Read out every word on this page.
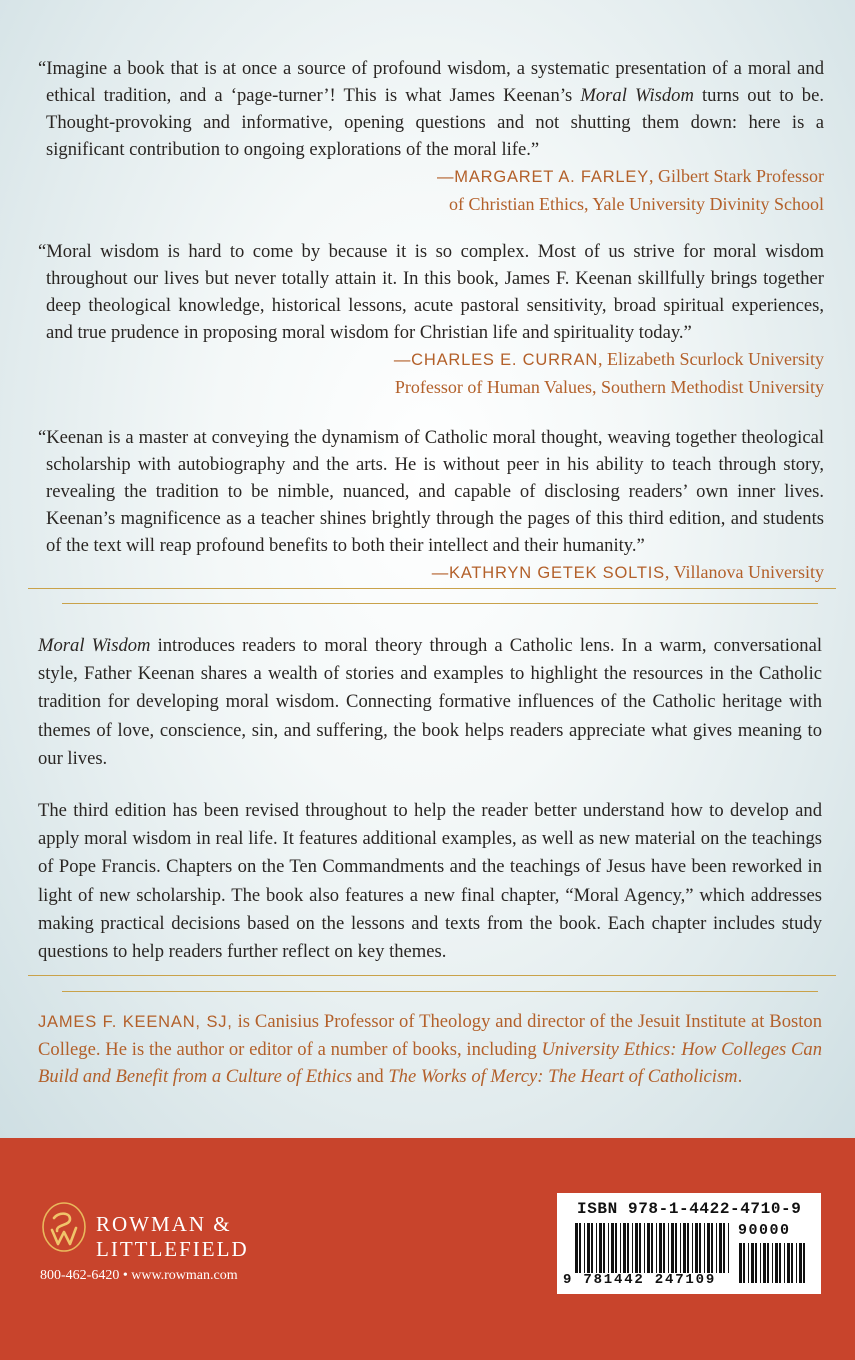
“Imagine a book that is at once a source of profound wisdom, a systematic presentation of a moral and ethical tradition, and a ‘page-turner’! This is what James Keenan’s Moral Wisdom turns out to be. Thought-provoking and informative, opening questions and not shutting them down: here is a significant contribution to ongoing explorations of the moral life.”

—MARGARET A. FARLEY, Gilbert Stark Professor
of Christian Ethics, Yale University Divinity School

“Moral wisdom is hard to come by because it is so complex. Most of us strive for moral wisdom throughout our lives but never totally attain it. In this book, James F. Keenan skillfully brings together deep theological knowledge, historical lessons, acute pastoral sensitivity, broad spiritual experiences, and true prudence in proposing moral wisdom for Christian life and spirituality today.”

—CHARLES E. CURRAN, Elizabeth Scurlock University
Professor of Human Values, Southern Methodist University

“Keenan is a master at conveying the dynamism of Catholic moral thought, weaving together theological scholarship with autobiography and the arts. He is without peer in his ability to teach through story, revealing the tradition to be nimble, nuanced, and capable of disclosing readers’ own inner lives. Keenan’s magnificence as a teacher shines brightly through the pages of this third edition, and students of the text will reap profound benefits to both their intellect and their humanity.”

—KATHRYN GETEK SOLTIS, Villanova University

Moral Wisdom introduces readers to moral theory through a Catholic lens. In a warm, conversational style, Father Keenan shares a wealth of stories and examples to highlight the resources in the Catholic tradition for developing moral wisdom. Connecting formative influences of the Catholic heritage with themes of love, conscience, sin, and suffering, the book helps readers appreciate what gives meaning to our lives.

The third edition has been revised throughout to help the reader better understand how to develop and apply moral wisdom in real life. It features additional examples, as well as new material on the teachings of Pope Francis. Chapters on the Ten Commandments and the teachings of Jesus have been reworked in light of new scholarship. The book also features a new final chapter, “Moral Agency,” which addresses making practical decisions based on the lessons and texts from the book. Each chapter includes study questions to help readers further reflect on key themes.

JAMES F. KEENAN, SJ, is Canisius Professor of Theology and director of the Jesuit Institute at Boston College. He is the author or editor of a number of books, including University Ethics: How Colleges Can Build and Benefit from a Culture of Ethics and The Works of Mercy: The Heart of Catholicism.
ROWMAN &
LITTLEFIELD
800-462-6420 • www.rowman.com
ISBN 978-1-4422-4710-9
90000
9 781442 247109
